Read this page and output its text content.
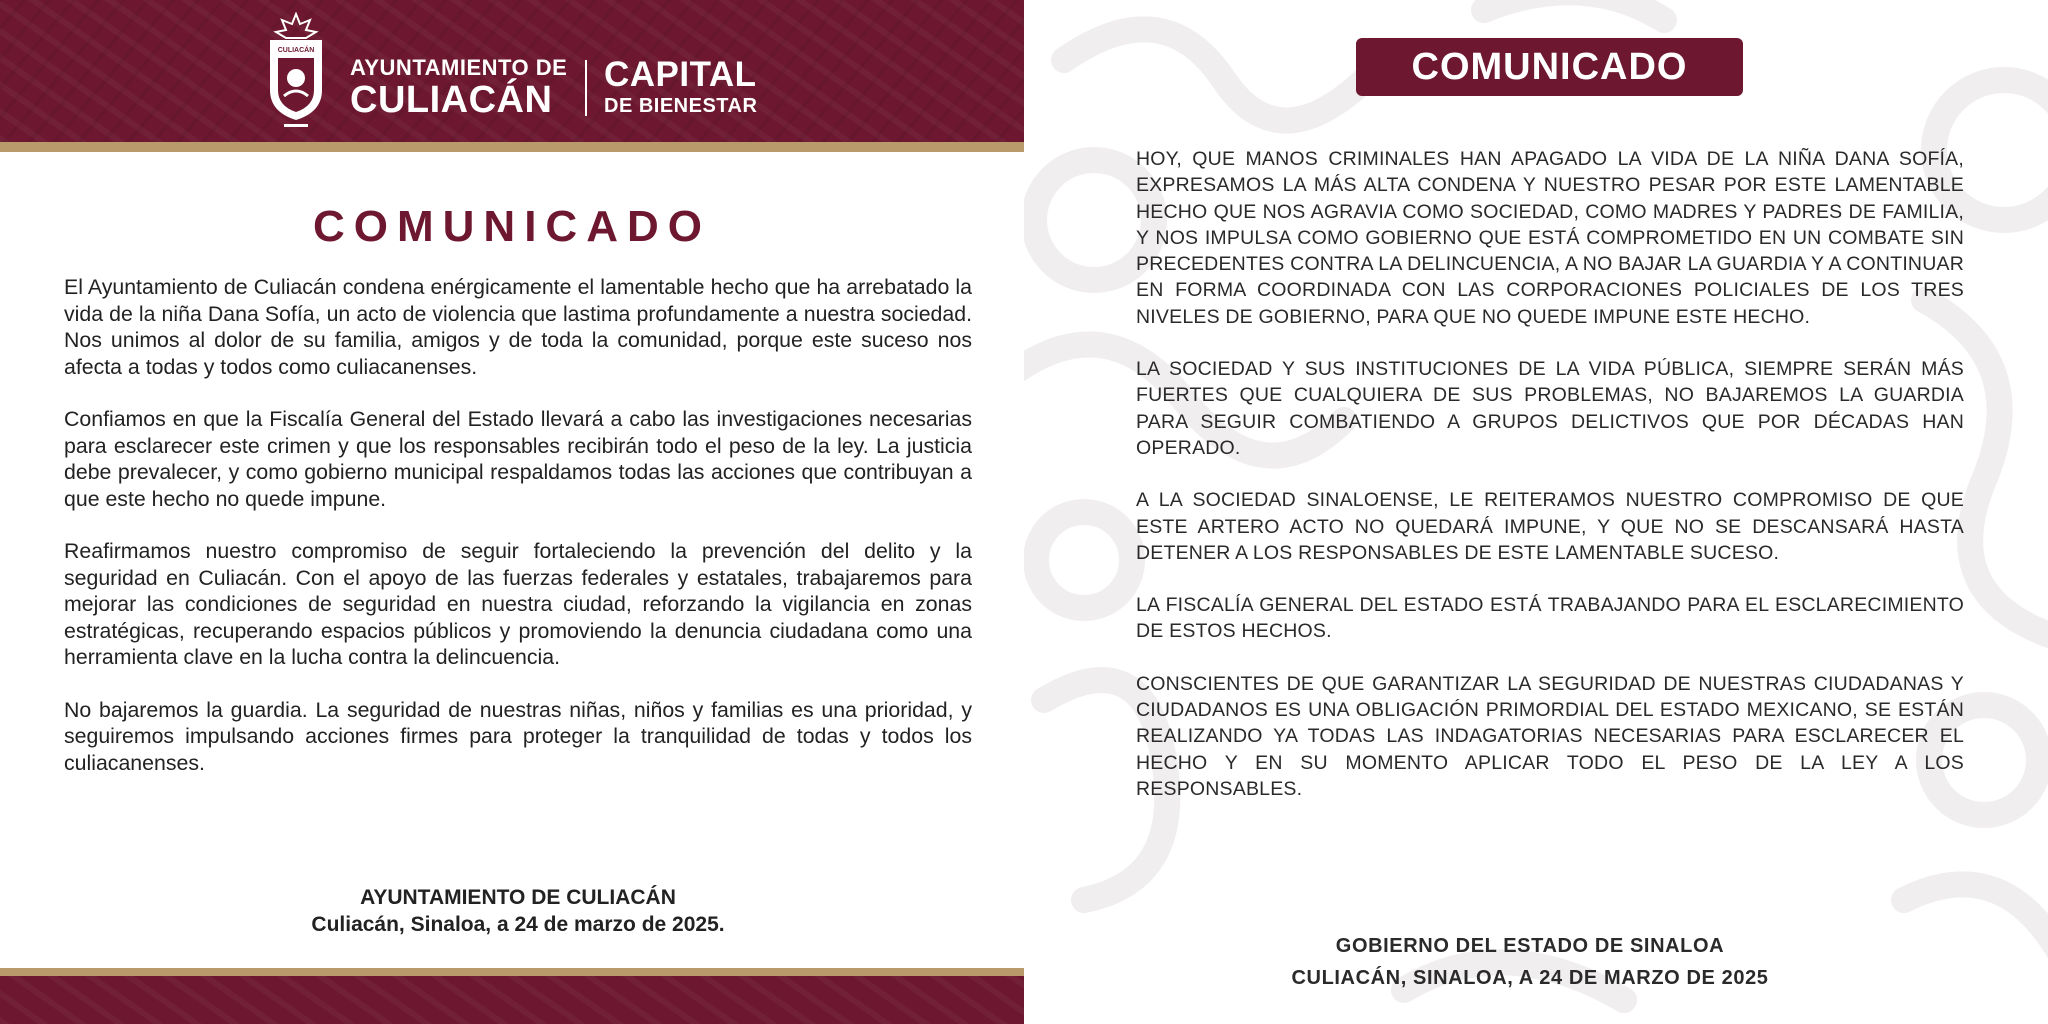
CULIACÁN
AYUNTAMIENTO DE
CULIACÁN
CAPITAL
DE BIENESTAR
COMUNICADO

El Ayuntamiento de Culiacán condena enérgicamente el lamentable hecho que ha arrebatado la vida de la niña Dana Sofía, un acto de violencia que lastima profundamente a nuestra sociedad. Nos unimos al dolor de su familia, amigos y de toda la comunidad, porque este suceso nos afecta a todas y todos como culiacanenses.

Confiamos en que la Fiscalía General del Estado llevará a cabo las investigaciones necesarias para esclarecer este crimen y que los responsables recibirán todo el peso de la ley. La justicia debe prevalecer, y como gobierno municipal respaldamos todas las acciones que contribuyan a que este hecho no quede impune.

Reafirmamos nuestro compromiso de seguir fortaleciendo la prevención del delito y la seguridad en Culiacán. Con el apoyo de las fuerzas federales y estatales, trabajaremos para mejorar las condiciones de seguridad en nuestra ciudad, reforzando la vigilancia en zonas estratégicas, recuperando espacios públicos y promoviendo la denuncia ciudadana como una herramienta clave en la lucha contra la delincuencia.

No bajaremos la guardia. La seguridad de nuestras niñas, niños y familias es una prioridad, y seguiremos impulsando acciones firmes para proteger la tranquilidad de todas y todos los culiacanenses.

AYUNTAMIENTO DE CULIACÁN
Culiacán, Sinaloa, a 24 de marzo de 2025.
COMUNICADO

HOY, QUE MANOS CRIMINALES HAN APAGADO LA VIDA DE LA NIÑA DANA SOFÍA, EXPRESAMOS LA MÁS ALTA CONDENA Y NUESTRO PESAR POR ESTE LAMENTABLE HECHO QUE NOS AGRAVIA COMO SOCIEDAD, COMO MADRES Y PADRES DE FAMILIA, Y NOS IMPULSA COMO GOBIERNO QUE ESTÁ COMPROMETIDO EN UN COMBATE SIN PRECEDENTES CONTRA LA DELINCUENCIA, A NO BAJAR LA GUARDIA Y A CONTINUAR EN FORMA COORDINADA CON LAS CORPORACIONES POLICIALES DE LOS TRES NIVELES DE GOBIERNO, PARA QUE NO QUEDE IMPUNE ESTE HECHO.

LA SOCIEDAD Y SUS INSTITUCIONES DE LA VIDA PÚBLICA, SIEMPRE SERÁN MÁS FUERTES QUE CUALQUIERA DE SUS PROBLEMAS, NO BAJAREMOS LA GUARDIA PARA SEGUIR COMBATIENDO A GRUPOS DELICTIVOS QUE POR DÉCADAS HAN OPERADO.

A LA SOCIEDAD SINALOENSE, LE REITERAMOS NUESTRO COMPROMISO DE QUE ESTE ARTERO ACTO NO QUEDARÁ IMPUNE, Y QUE NO SE DESCANSARÁ HASTA DETENER A LOS RESPONSABLES DE ESTE LAMENTABLE SUCESO.

LA FISCALÍA GENERAL DEL ESTADO ESTÁ TRABAJANDO PARA EL ESCLARECIMIENTO DE ESTOS HECHOS.

CONSCIENTES DE QUE GARANTIZAR LA SEGURIDAD DE NUESTRAS CIUDADANAS Y CIUDADANOS ES UNA OBLIGACIÓN PRIMORDIAL DEL ESTADO MEXICANO, SE ESTÁN REALIZANDO YA TODAS LAS INDAGATORIAS NECESARIAS PARA ESCLARECER EL HECHO Y EN SU MOMENTO APLICAR TODO EL PESO DE LA LEY A LOS RESPONSABLES.

GOBIERNO DEL ESTADO DE SINALOA
CULIACÁN, SINALOA, A 24 DE MARZO DE 2025
